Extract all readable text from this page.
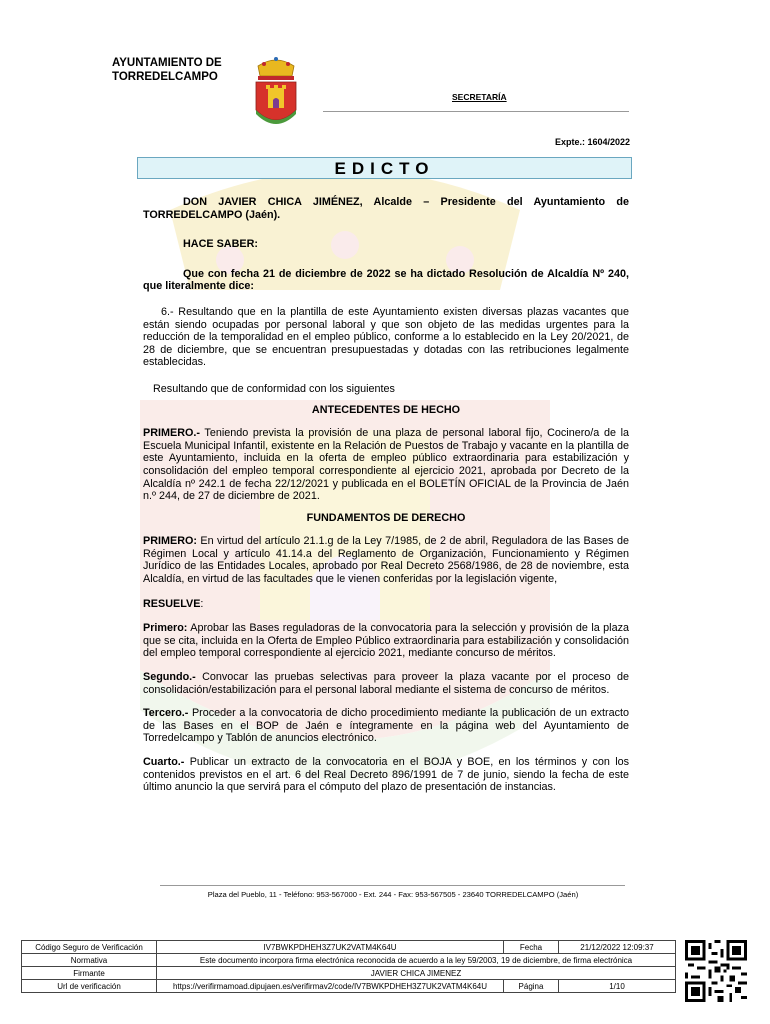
AYUNTAMIENTO DE
TORREDELCAMPO
SECRETARÍA
Expte.: 1604/2022
EDICTO

DON JAVIER CHICA JIMÉNEZ, Alcalde – Presidente del Ayuntamiento de TORREDELCAMPO (Jaén).

HACE SABER:

Que con fecha 21 de diciembre de 2022 se ha dictado Resolución de Alcaldía Nº 240, que literalmente dice:

6.- Resultando que en la plantilla de este Ayuntamiento existen diversas plazas vacantes que están siendo ocupadas por personal laboral y que son objeto de las medidas urgentes para la reducción de la temporalidad en el empleo público, conforme a lo establecido en la Ley 20/2021, de 28 de diciembre, que se encuentran presupuestadas y dotadas con las retribuciones legalmente establecidas.

Resultando que de conformidad con los siguientes

ANTECEDENTES DE HECHO

PRIMERO.- Teniendo prevista la provisión de una plaza de personal laboral fijo, Cocinero/a de la Escuela Municipal Infantil, existente en la Relación de Puestos de Trabajo y vacante en la plantilla de este Ayuntamiento, incluida en la oferta de empleo público extraordinaria para estabilización y consolidación del empleo temporal correspondiente al ejercicio 2021, aprobada por Decreto de la Alcaldía nº 242.1 de fecha 22/12/2021 y publicada en el BOLETÍN OFICIAL de la Provincia de Jaén n.º 244, de 27 de diciembre de 2021.

FUNDAMENTOS DE DERECHO

PRIMERO: En virtud del artículo 21.1.g de la Ley 7/1985, de 2 de abril, Reguladora de las Bases de Régimen Local y artículo 41.14.a del Reglamento de Organización, Funcionamiento y Régimen Jurídico de las Entidades Locales, aprobado por Real Decreto 2568/1986, de 28 de noviembre, esta Alcaldía, en virtud de las facultades que le vienen conferidas por la legislación vigente,

RESUELVE:

Primero: Aprobar las Bases reguladoras de la convocatoria para la selección y provisión de la plaza que se cita, incluida en la Oferta de Empleo Público extraordinaria para estabilización y consolidación del empleo temporal correspondiente al ejercicio 2021, mediante concurso de méritos.

Segundo.- Convocar las pruebas selectivas para proveer la plaza vacante por el proceso de consolidación/estabilización para el personal laboral mediante el sistema de concurso de méritos.

Tercero.- Proceder a la convocatoria de dicho procedimiento mediante la publicación de un extracto de las Bases en el BOP de Jaén e íntegramente en la página web del Ayuntamiento de Torredelcampo y Tablón de anuncios electrónico.

Cuarto.- Publicar un extracto de la convocatoria en el BOJA y BOE, en los términos y con los contenidos previstos en el art. 6 del Real Decreto 896/1991 de 7 de junio, siendo la fecha de este último anuncio la que servirá para el cómputo del plazo de presentación de instancias.

Plaza del Pueblo, 11 - Teléfono: 953-567000 - Ext. 244 - Fax: 953-567505 - 23640 TORREDELCAMPO (Jaén)
Código Seguro de Verificación	IV7BWKPDHEH3Z7UK2VATM4K64U	Fecha	21/12/2022 12:09:37
Normativa	Este documento incorpora firma electrónica reconocida de acuerdo a la ley 59/2003, 19 de diciembre, de firma electrónica		
Firmante	JAVIER CHICA JIMENEZ		
Url de verificación	https://verifirmamoad.dipujaen.es/verifirmav2/code/IV7BWKPDHEH3Z7UK2VATM4K64U	Página	1/10
